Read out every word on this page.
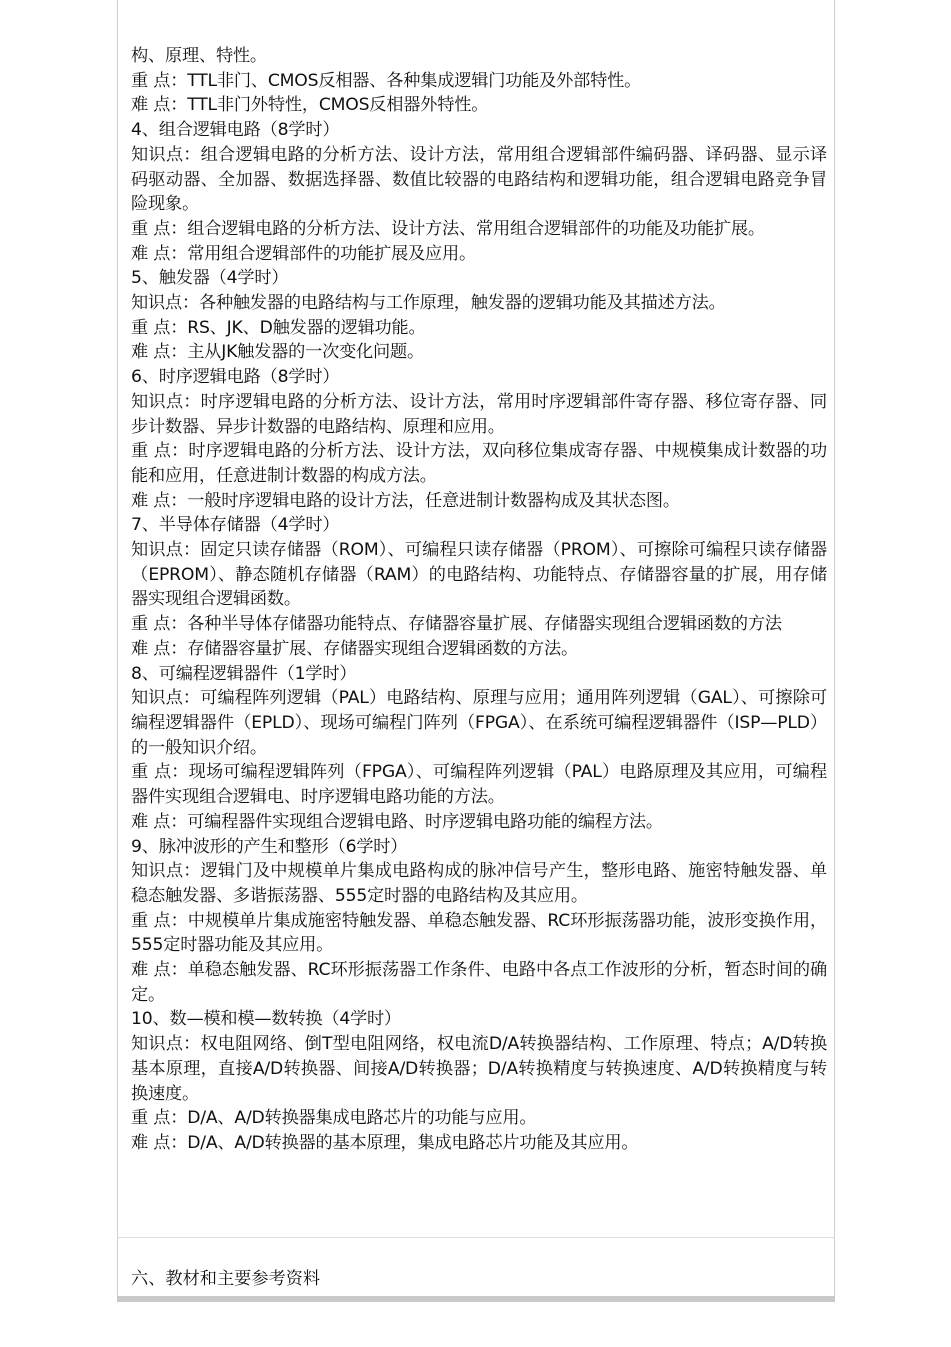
构、原理、特性。

重 点：TTL非门、CMOS反相器、各种集成逻辑门功能及外部特性。

难 点：TTL非门外特性，CMOS反相器外特性。

4、组合逻辑电路（8学时）

知识点：组合逻辑电路的分析方法、设计方法，常用组合逻辑部件编码器、译码器、显示译码驱动器、全加器、数据选择器、数值比较器的电路结构和逻辑功能，组合逻辑电路竞争冒险现象。

重 点：组合逻辑电路的分析方法、设计方法、常用组合逻辑部件的功能及功能扩展。

难 点：常用组合逻辑部件的功能扩展及应用。

5、触发器（4学时）

知识点：各种触发器的电路结构与工作原理，触发器的逻辑功能及其描述方法。

重 点：RS、JK、D触发器的逻辑功能。

难 点：主从JK触发器的一次变化问题。

6、时序逻辑电路（8学时）

知识点：时序逻辑电路的分析方法、设计方法，常用时序逻辑部件寄存器、移位寄存器、同步计数器、异步计数器的电路结构、原理和应用。

重 点：时序逻辑电路的分析方法、设计方法，双向移位集成寄存器、中规模集成计数器的功能和应用，任意进制计数器的构成方法。

难 点：一般时序逻辑电路的设计方法，任意进制计数器构成及其状态图。

7、半导体存储器（4学时）

知识点：固定只读存储器（ROM）、可编程只读存储器（PROM）、可擦除可编程只读存储器（EPROM）、静态随机存储器（RAM）的电路结构、功能特点、存储器容量的扩展，用存储器实现组合逻辑函数。

重 点：各种半导体存储器功能特点、存储器容量扩展、存储器实现组合逻辑函数的方法

难 点：存储器容量扩展、存储器实现组合逻辑函数的方法。

8、可编程逻辑器件（1学时）

知识点：可编程阵列逻辑（PAL）电路结构、原理与应用；通用阵列逻辑（GAL）、可擦除可编程逻辑器件（EPLD）、现场可编程门阵列（FPGA）、在系统可编程逻辑器件（ISP—PLD）的一般知识介绍。

重 点：现场可编程逻辑阵列（FPGA）、可编程阵列逻辑（PAL）电路原理及其应用，可编程器件实现组合逻辑电、时序逻辑电路功能的方法。

难 点：可编程器件实现组合逻辑电路、时序逻辑电路功能的编程方法。

9、脉冲波形的产生和整形（6学时）

知识点：逻辑门及中规模单片集成电路构成的脉冲信号产生，整形电路、施密特触发器、单稳态触发器、多谐振荡器、555定时器的电路结构及其应用。

重 点：中规模单片集成施密特触发器、单稳态触发器、RC环形振荡器功能，波形变换作用，555定时器功能及其应用。

难 点：单稳态触发器、RC环形振荡器工作条件、电路中各点工作波形的分析，暂态时间的确定。

10、数—模和模—数转换（4学时）

知识点：权电阻网络、倒T型电阻网络，权电流D/A转换器结构、工作原理、特点；A/D转换基本原理，直接A/D转换器、间接A/D转换器；D/A转换精度与转换速度、A/D转换精度与转换速度。

重 点：D/A、A/D转换器集成电路芯片的功能与应用。

难 点：D/A、A/D转换器的基本原理，集成电路芯片功能及其应用。

六、教材和主要参考资料
